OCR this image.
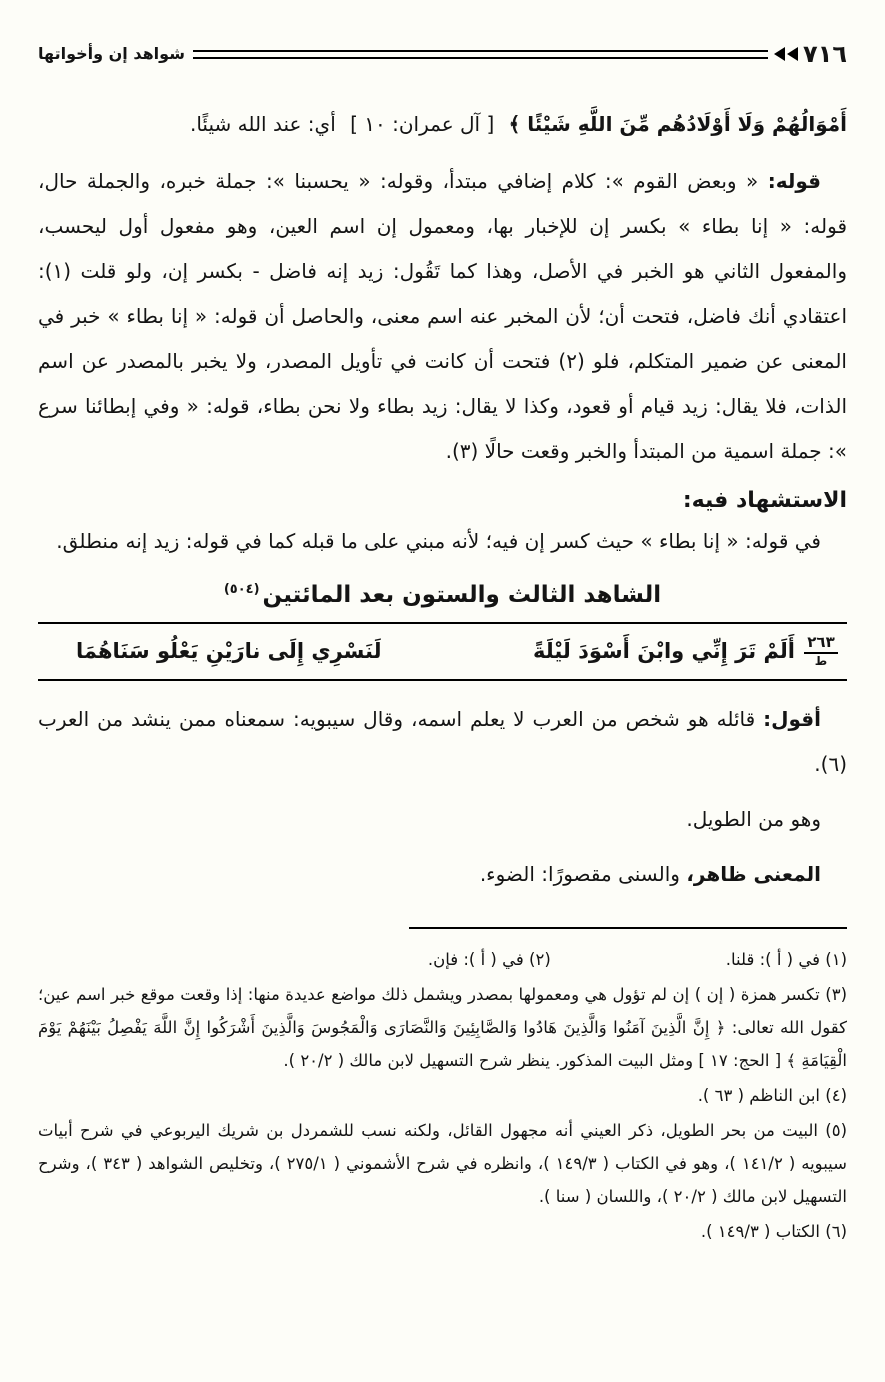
شواهد إن وأخواتها	٧١٦

أَمْوَالُهُمْ وَلَا أَوْلَادُهُم مِّنَ اللَّهِ شَيْئًا ﴾ [ آل عمران: ١٠ ] أي: عند الله شيئًا.

قوله: « وبعض القوم »: كلام إضافي مبتدأ، وقوله: « يحسبنا »: جملة خبره، والجملة حال، قوله: « إنا بطاء » بكسر إن للإخبار بها، ومعمول إن اسم العين، وهو مفعول أول ليحسب، والمفعول الثاني هو الخبر في الأصل، وهذا كما تَقُول: زيد إنه فاضل - بكسر إن، ولو قلت (١): اعتقادي أنك فاضل، فتحت أن؛ لأن المخبر عنه اسم معنى، والحاصل أن قوله: « إنا بطاء » خبر في المعنى عن ضمير المتكلم، فلو (٢) فتحت أن كانت في تأويل المصدر، ولا يخبر بالمصدر عن اسم الذات، فلا يقال: زيد قيام أو قعود، وكذا لا يقال: زيد بطاء ولا نحن بطاء، قوله: « وفي إبطائنا سرع »: جملة اسمية من المبتدأ والخبر وقعت حالًا (٣).

الاستشهاد فيه:

في قوله: « إنا بطاء » حيث كسر إن فيه؛ لأنه مبني على ما قبله كما في قوله: زيد إنه منطلق.

الشاهد الثالث والستون بعد المائتين$^{(٥٠٤)}$
٢٦٣
ط
أَلَمْ تَرَ إِنِّي وابْنَ أَسْوَدَ لَيْلَةً
لَنَسْرِي إِلَى نارَيْنِ يَعْلُو سَنَاهُمَا

أقول: قائله هو شخص من العرب لا يعلم اسمه، وقال سيبويه: سمعناه ممن ينشد من العرب (٦).

وهو من الطويل.

المعنى ظاهر، والسنى مقصورًا: الضوء.

(١) في ( أ ): قلنا.
(٢) في ( أ ): فإن.

(٣) تكسر همزة ( إن ) إن لم تؤول هي ومعمولها بمصدر ويشمل ذلك مواضع عديدة منها: إذا وقعت موقع خبر اسم عين؛ كقول الله تعالى: ﴿ إِنَّ الَّذِينَ آمَنُوا وَالَّذِينَ هَادُوا وَالصَّابِئِينَ وَالنَّصَارَى وَالْمَجُوسَ وَالَّذِينَ أَشْرَكُوا إِنَّ اللَّهَ يَفْصِلُ بَيْنَهُمْ يَوْمَ الْقِيَامَةِ ﴾ [ الحج: ١٧ ] ومثل البيت المذكور. ينظر شرح التسهيل لابن مالك ( ٢٠/٢ ).

(٤) ابن الناظم ( ٦٣ ).

(٥) البيت من بحر الطويل، ذكر العيني أنه مجهول القائل، ولكنه نسب للشمردل بن شريك اليربوعي في شرح أبيات سيبويه ( ١٤١/٢ )، وهو في الكتاب ( ١٤٩/٣ )، وانظره في شرح الأشموني ( ٢٧٥/١ )، وتخليص الشواهد ( ٣٤٣ )، وشرح التسهيل لابن مالك ( ٢٠/٢ )، واللسان ( سنا ).

(٦) الكتاب ( ١٤٩/٣ ).
